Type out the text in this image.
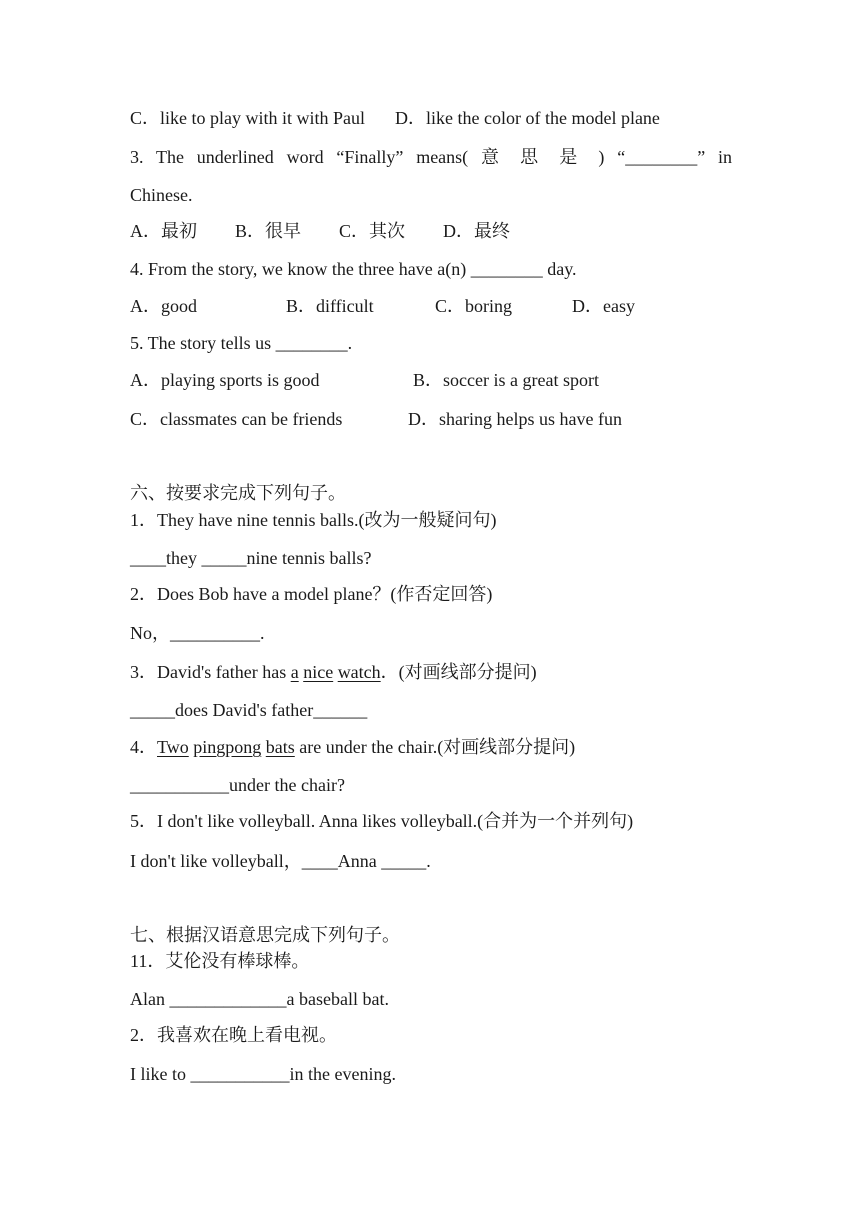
C．like to play with it with Paul D．like the color of the model plane
3. The underlined word “Finally” means( 意 思 是 ) “________” in
Chinese.
A．最初 B．很早 C．其次 D．最终
4. From the story, we know the three have a(n) ________ day.
A．good	B．difficult	C．boring	D．easy
5. The story tells us ________.
A．playing sports is good	B．soccer is a great sport
C．classmates can be friends	D．sharing helps us have fun
六、按要求完成下列句子。
1．They have nine tennis balls.(改为一般疑问句)
____they _____nine tennis balls?
2．Does Bob have a model plane？(作否定回答)
No，__________.
3．David's father has a nice watch．(对画线部分提问)
_____does David's father______
4．Two pingpong bats are under the chair.(对画线部分提问)
___________under the chair?
5．I don't like volleyball. Anna likes volleyball.(合并为一个并列句)
I don't like volleyball，____Anna _____.
七、根据汉语意思完成下列句子。
11．艾伦没有棒球棒。
Alan _____________a baseball bat.
2．我喜欢在晚上看电视。
I like to ___________in the evening.
